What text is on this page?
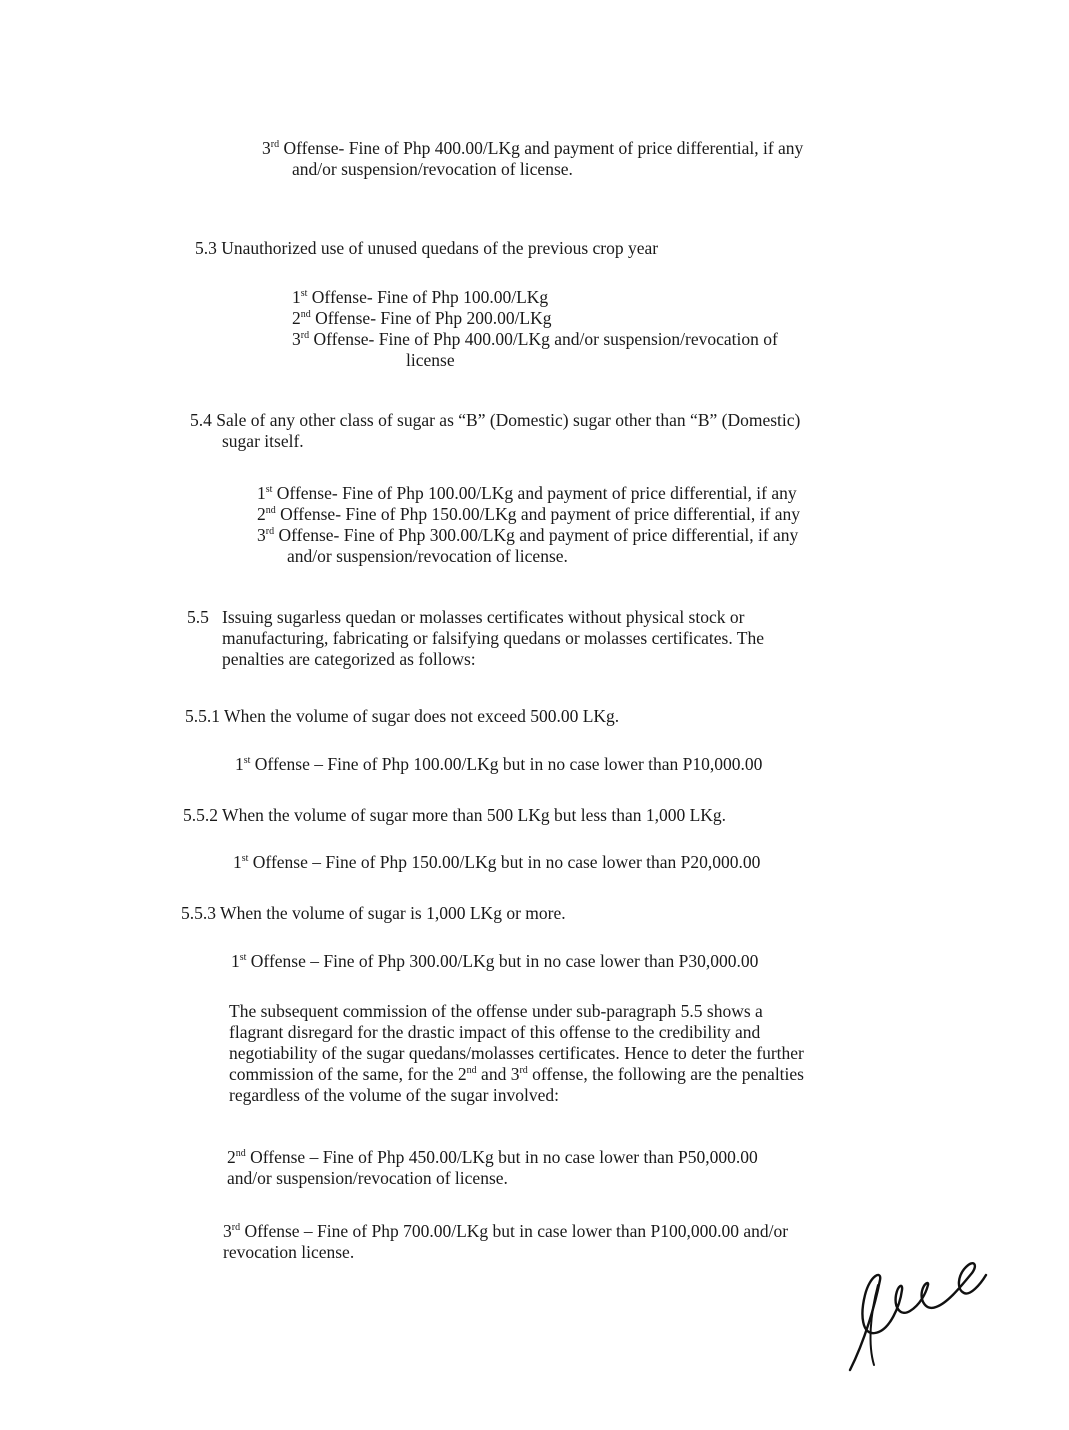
3rd Offense- Fine of Php 400.00/LKg and payment of price differential, if any
and/or suspension/revocation of license.
5.3 Unauthorized use of unused quedans of the previous crop year
1st Offense- Fine of Php 100.00/LKg
2nd Offense- Fine of Php 200.00/LKg
3rd Offense- Fine of Php 400.00/LKg and/or suspension/revocation of
license
5.4 Sale of any other class of sugar as “B” (Domestic) sugar other than “B” (Domestic)
sugar itself.
1st Offense- Fine of Php 100.00/LKg and payment of price differential, if any
2nd Offense- Fine of Php 150.00/LKg and payment of price differential, if any
3rd Offense- Fine of Php 300.00/LKg and payment of price differential, if any
and/or suspension/revocation of license.
5.5 Issuing sugarless quedan or molasses certificates without physical stock or
manufacturing, fabricating or falsifying quedans or molasses certificates. The
penalties are categorized as follows:
5.5.1 When the volume of sugar does not exceed 500.00 LKg.
1st Offense – Fine of Php 100.00/LKg but in no case lower than P10,000.00
5.5.2 When the volume of sugar more than 500 LKg but less than 1,000 LKg.
1st Offense – Fine of Php 150.00/LKg but in no case lower than P20,000.00
5.5.3 When the volume of sugar is 1,000 LKg or more.
1st Offense – Fine of Php 300.00/LKg but in no case lower than P30,000.00
The subsequent commission of the offense under sub-paragraph 5.5 shows a
flagrant disregard for the drastic impact of this offense to the credibility and
negotiability of the sugar quedans/molasses certificates. Hence to deter the further
commission of the same, for the 2nd and 3rd offense, the following are the penalties
regardless of the volume of the sugar involved:
2nd Offense – Fine of Php 450.00/LKg but in no case lower than P50,000.00
and/or suspension/revocation of license.
3rd Offense – Fine of Php 700.00/LKg but in case lower than P100,000.00 and/or
revocation license.
